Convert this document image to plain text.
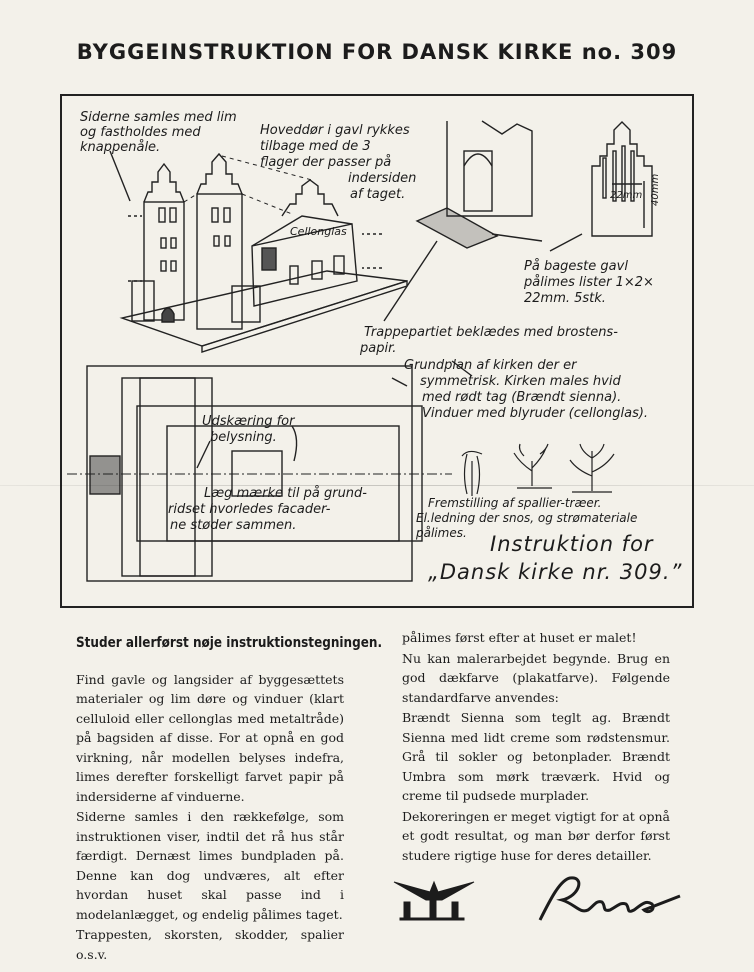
BYGGEINSTRUKTION FOR DANSK KIRKE no. 309
Siderne samles med lim
og fastholdes med
knappenåle.
Hoveddør i gavl rykkes
tilbage med de 3
flager der passer på
indersiden
af taget.
Cellonglas
22mm 40mm
På bageste gavl
pålimes lister 1×2×
22mm. 5stk.
Trappepartiet beklædes med brostens-
papir.
Grundplan af kirken der er
symmetrisk. Kirken males hvid
med rødt tag (Brændt sienna).
Vinduer med blyruder (cellonglas).
Udskæring for
belysning.
Læg mærke til på grund-
ridset hvorledes facader-
ne støder sammen.
Fremstilling af spallier-træer.
El.ledning der snos, og strømateriale
pålimes. Instruktion for
„Dansk kirke nr. 309.”
Studer allerførst nøje instruktionstegningen.

Find gavle og langsider af byggesættets materialer og lim døre og vinduer (klart celluloid eller cellonglas med metaltråde) på bagsiden af disse. For at opnå en god virkning, når modellen belyses indefra, limes derefter forskelligt farvet papir på indersiderne af vinduerne.

Siderne samles i den rækkefølge, som instruktionen viser, indtil det rå hus står færdigt. Dernæst limes bundpladen på. Denne kan dog undværes, alt efter hvordan huset skal passe ind i modelanlægget, og endelig pålimes taget.

Trappesten, skorsten, skodder, spalier o.s.v.

pålimes først efter at huset er malet!

Nu kan malerarbejdet begynde. Brug en god dækfarve (plakatfarve). Følgende standardfarve anvendes:

Brændt Sienna som teglt ag. Brændt Sienna med lidt creme som rødstensmur. Grå til sokler og betonplader. Brændt Umbra som mørk træværk. Hvid og creme til pudsede murplader.

Dekoreringen er meget vigtigt for at opnå et godt resultat, og man bør derfor først studere rigtige huse for deres detailler.
